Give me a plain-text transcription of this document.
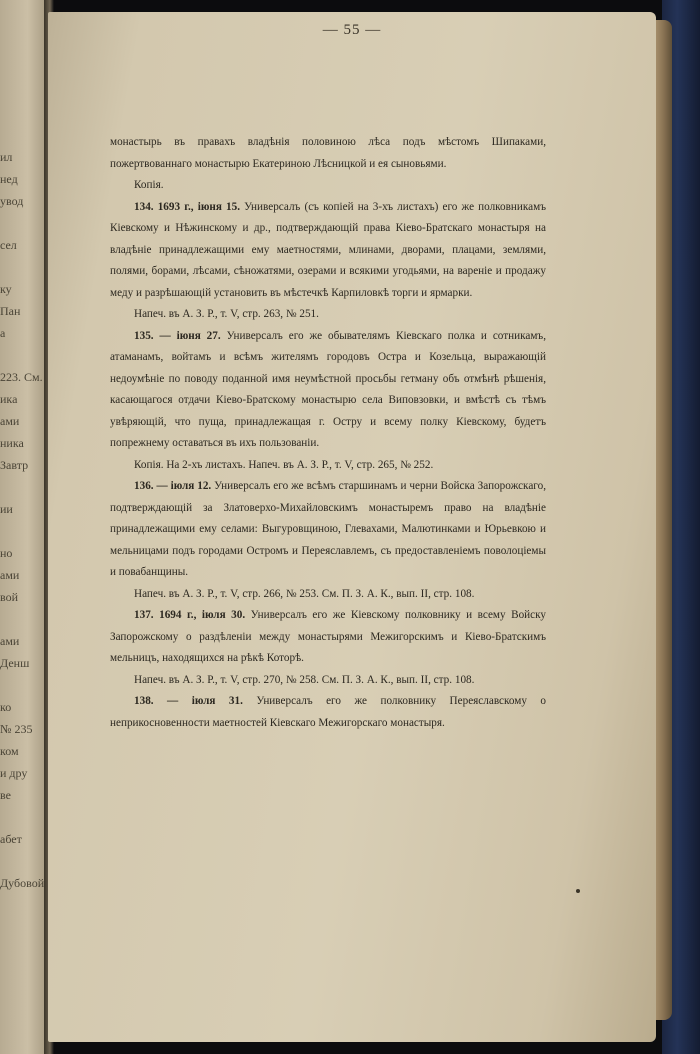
ил
нед
увод
сел
ку
Пан
а
223. См.
ика
ами
ника
Завтр
ии
но
ами
вой
ами
Денш
ко
№ 235
ком
и дру
ве
абет
Дубовой
— 55 —

монастырь въ правахъ владѣнія половиною лѣса подъ мѣстомъ Шипаками, пожертвованнаго монастырю Екатериною Лѣсницкой и ея сыновьями.

Копія.

134. 1693 г., іюня 15. Универсалъ (съ копіей на 3-хъ листахъ) его же полковникамъ Кіевскому и Нѣжинскому и др., подтверждающій права Кіево-Братскаго монастыря на владѣніе принадлежащими ему маетностями, млинами, дворами, плацами, землями, полями, борами, лѣсами, сѣножатями, озерами и всякими угодьями, на вареніе и продажу меду и разрѣшающій установить въ мѣстечкѣ Карпиловкѣ торги и ярмарки.

Напеч. въ А. З. Р., т. V, стр. 263, № 251.

135. — іюня 27. Универсалъ его же обывателямъ Кіевскаго полка и сотникамъ, атаманамъ, войтамъ и всѣмъ жителямъ городовъ Остра и Козельца, выражающій недоумѣніе по поводу поданной имя неумѣстной просьбы гетману объ отмѣнѣ рѣшенія, касающагося отдачи Кіево-Братскому монастырю села Виповзовки, и вмѣстѣ съ тѣмъ увѣряющій, что пуща, принадлежащая г. Остру и всему полку Кіевскому, будетъ попрежнему оставаться въ ихъ пользованіи.

Копія. На 2-хъ листахъ. Напеч. въ А. З. Р., т. V, стр. 265, № 252.

136. — іюля 12. Универсалъ его же всѣмъ старшинамъ и черни Войска Запорожскаго, подтверждающій за Златоверхо-Михайловскимъ монастыремъ право на владѣніе принадлежащими ему селами: Выгуровщиною, Глевахами, Малютинками и Юрьевкою и мельницами подъ городами Остромъ и Переяславлемъ, съ предоставленіемъ поволоціемы и повабанщины.

Напеч. въ А. З. Р., т. V, стр. 266, № 253. См. П. З. А. К., вып. II, стр. 108.

137. 1694 г., іюля 30. Универсалъ его же Кіевскому полковнику и всему Войску Запорожскому о раздѣленіи между монастырями Межигорскимъ и Кіево-Братскимъ мельницъ, находящихся на рѣкѣ Которѣ.

Напеч. въ А. З. Р., т. V, стр. 270, № 258. См. П. З. А. К., вып. II, стр. 108.

138. — іюля 31. Универсалъ его же полковнику Переяславскому о неприкосновенности маетностей Кіевскаго Межигорскаго монастыря.
